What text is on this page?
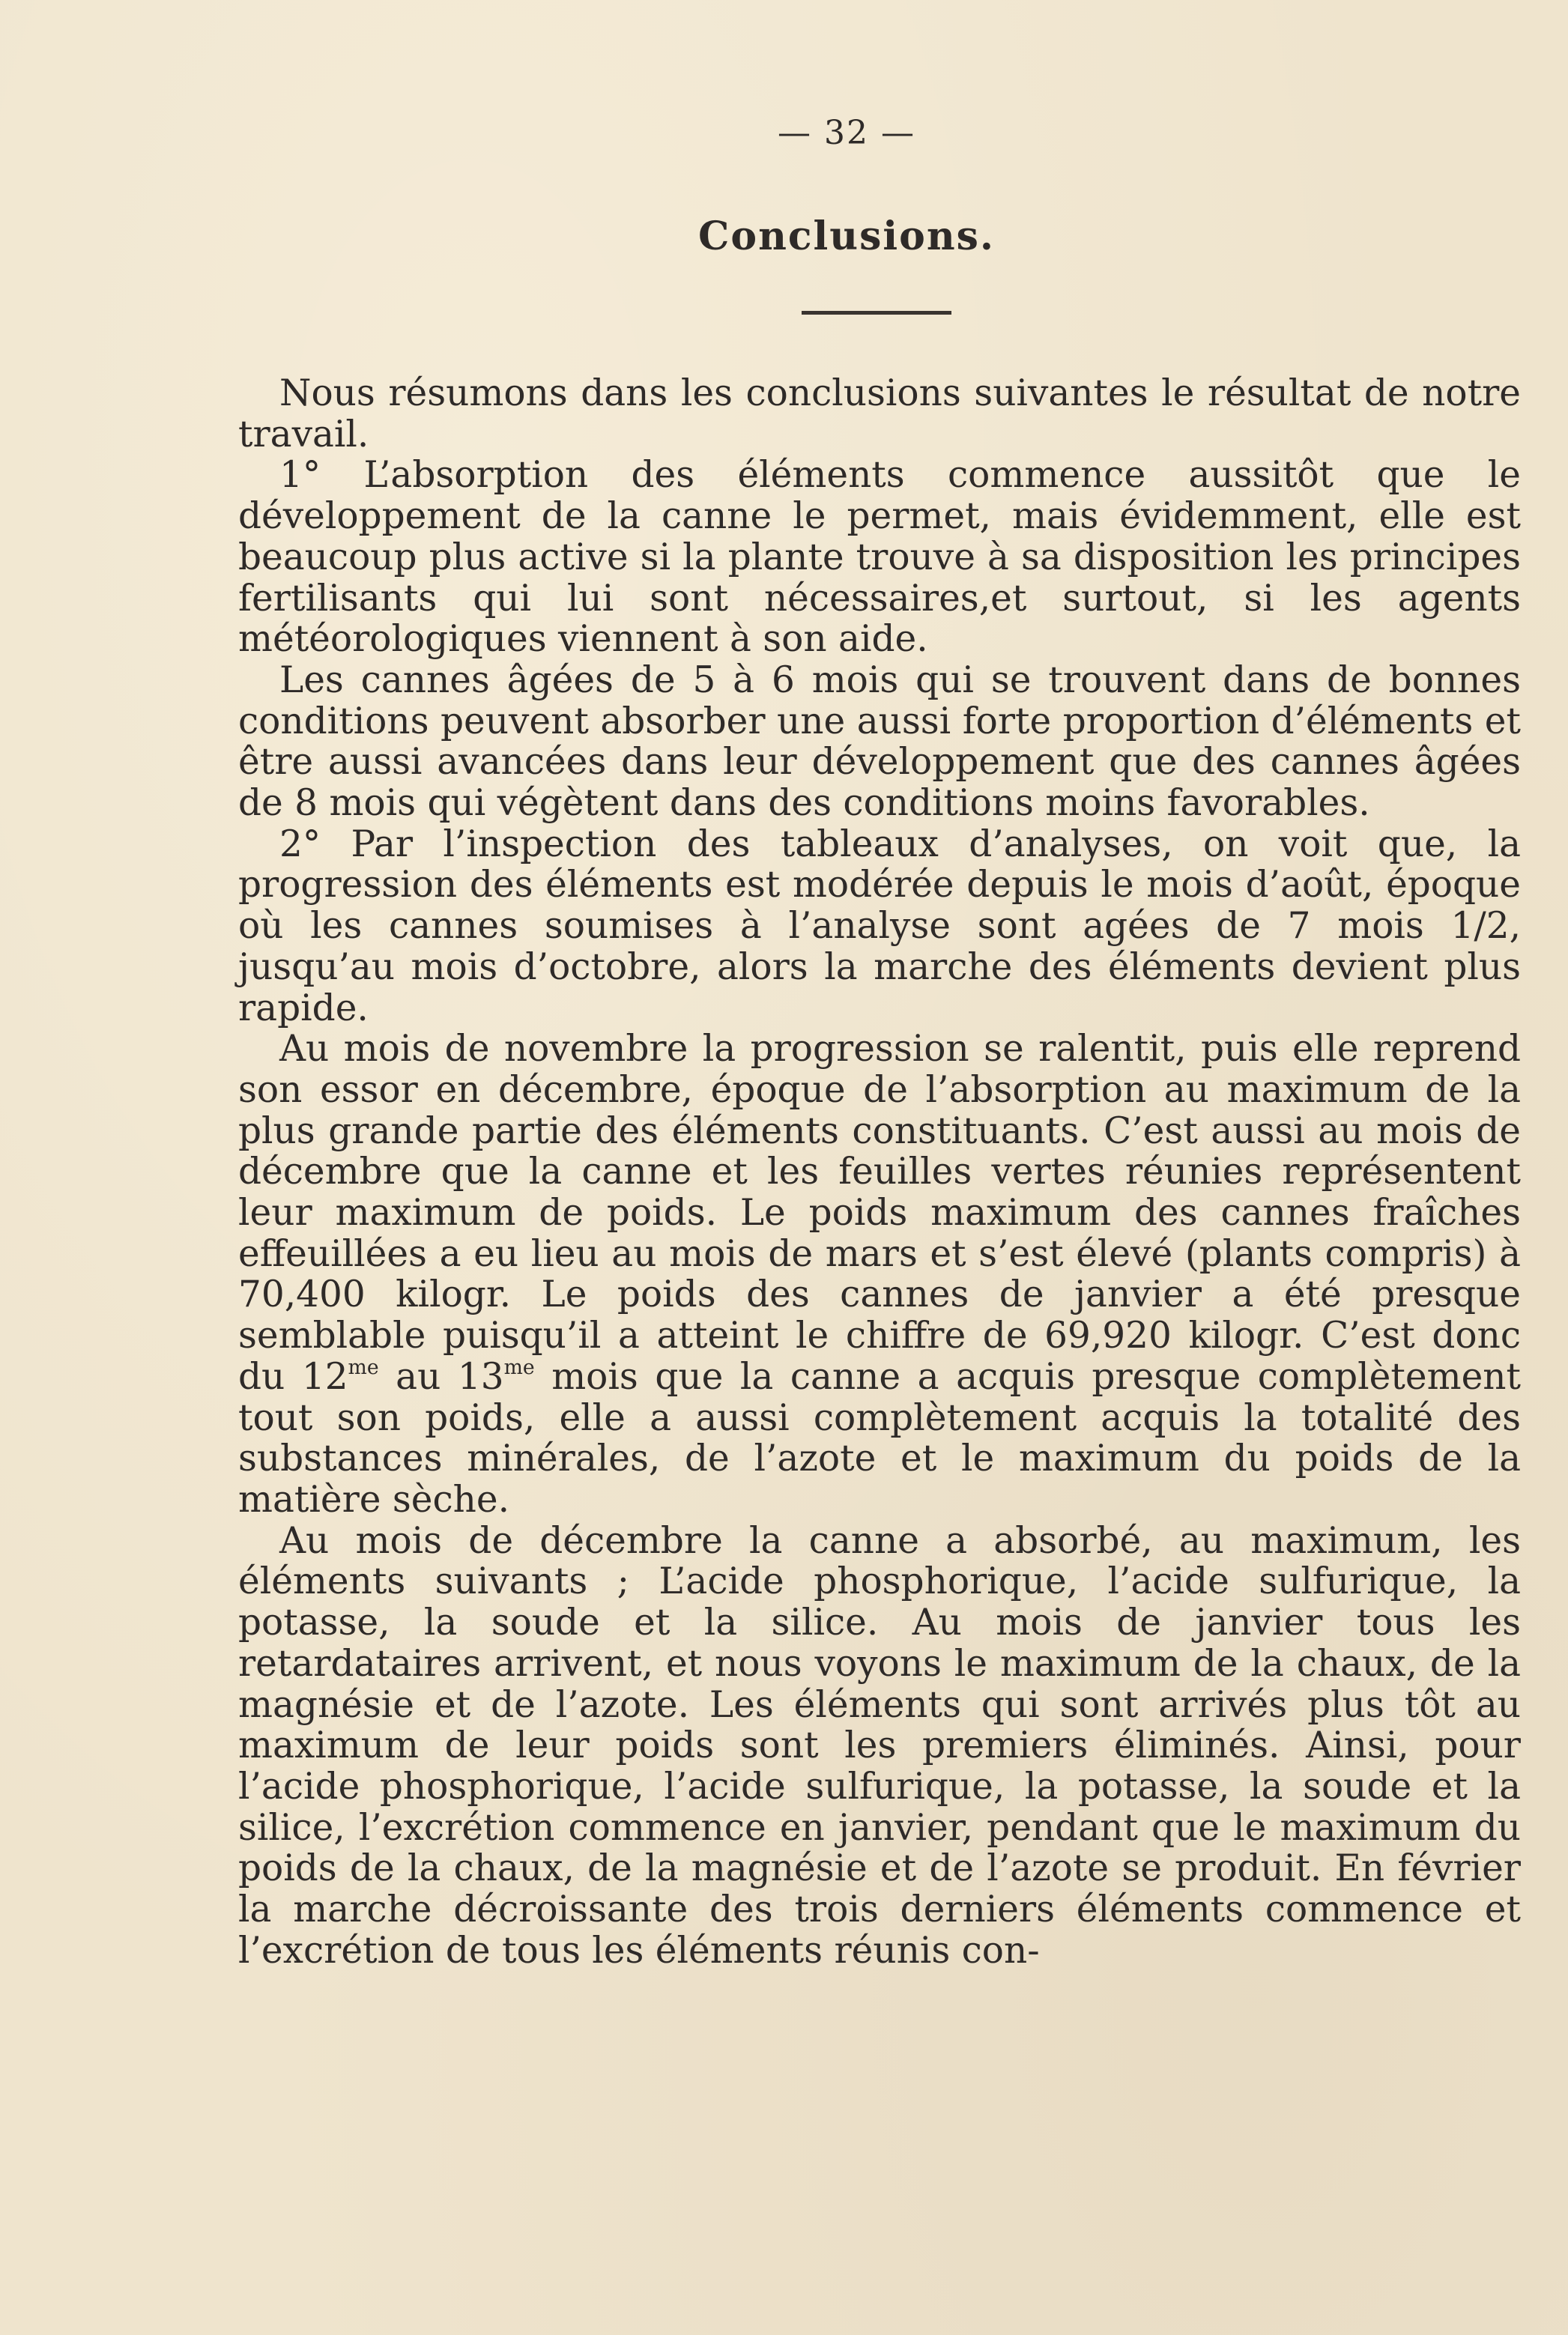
— 32 —
Conclusions.

Nous résumons dans les conclusions suivantes le résultat de notre travail.

1° L’absorption des éléments commence aussitôt que le développement de la canne le permet, mais évidemment, elle est beaucoup plus active si la plante trouve à sa disposition les principes fertilisants qui lui sont nécessaires,et surtout, si les agents météorologiques viennent à son aide.

Les cannes âgées de 5 à 6 mois qui se trouvent dans de bonnes conditions peuvent absorber une aussi forte proportion d’éléments et être aussi avancées dans leur développement que des cannes âgées de 8 mois qui végètent dans des conditions moins favorables.

2° Par l’inspection des tableaux d’analyses, on voit que, la progression des éléments est modérée depuis le mois d’août, époque où les cannes soumises à l’analyse sont agées de 7 mois 1/2, jusqu’au mois d’octobre, alors la marche des éléments devient plus rapide.

Au mois de novembre la progression se ralentit, puis elle reprend son essor en décembre, époque de l’absorption au maximum de la plus grande partie des éléments constituants. C’est aussi au mois de décembre que la canne et les feuilles vertes réunies représentent leur maximum de poids. Le poids maximum des cannes fraîches effeuillées a eu lieu au mois de mars et s’est élevé (plants compris) à 70,400 kilogr. Le poids des cannes de janvier a été presque semblable puisqu’il a atteint le chiffre de 69,920 kilogr. C’est donc du $12^{me}$ au $13^{me}$ mois que la canne a acquis presque complètement tout son poids, elle a aussi complètement acquis la totalité des substances minérales, de l’azote et le maximum du poids de la matière sèche.

Au mois de décembre la canne a absorbé, au maximum, les éléments suivants ; L’acide phosphorique, l’acide sulfurique, la potasse, la soude et la silice. Au mois de janvier tous les retardataires arrivent, et nous voyons le maximum de la chaux, de la magnésie et de l’azote. Les éléments qui sont arrivés plus tôt au maximum de leur poids sont les premiers éliminés. Ainsi, pour l’acide phosphorique, l’acide sulfurique, la potasse, la soude et la silice, l’excrétion commence en janvier, pendant que le maximum du poids de la chaux, de la magnésie et de l’azote se produit. En février la marche décroissante des trois derniers éléments commence et l’excrétion de tous les éléments réunis con-
